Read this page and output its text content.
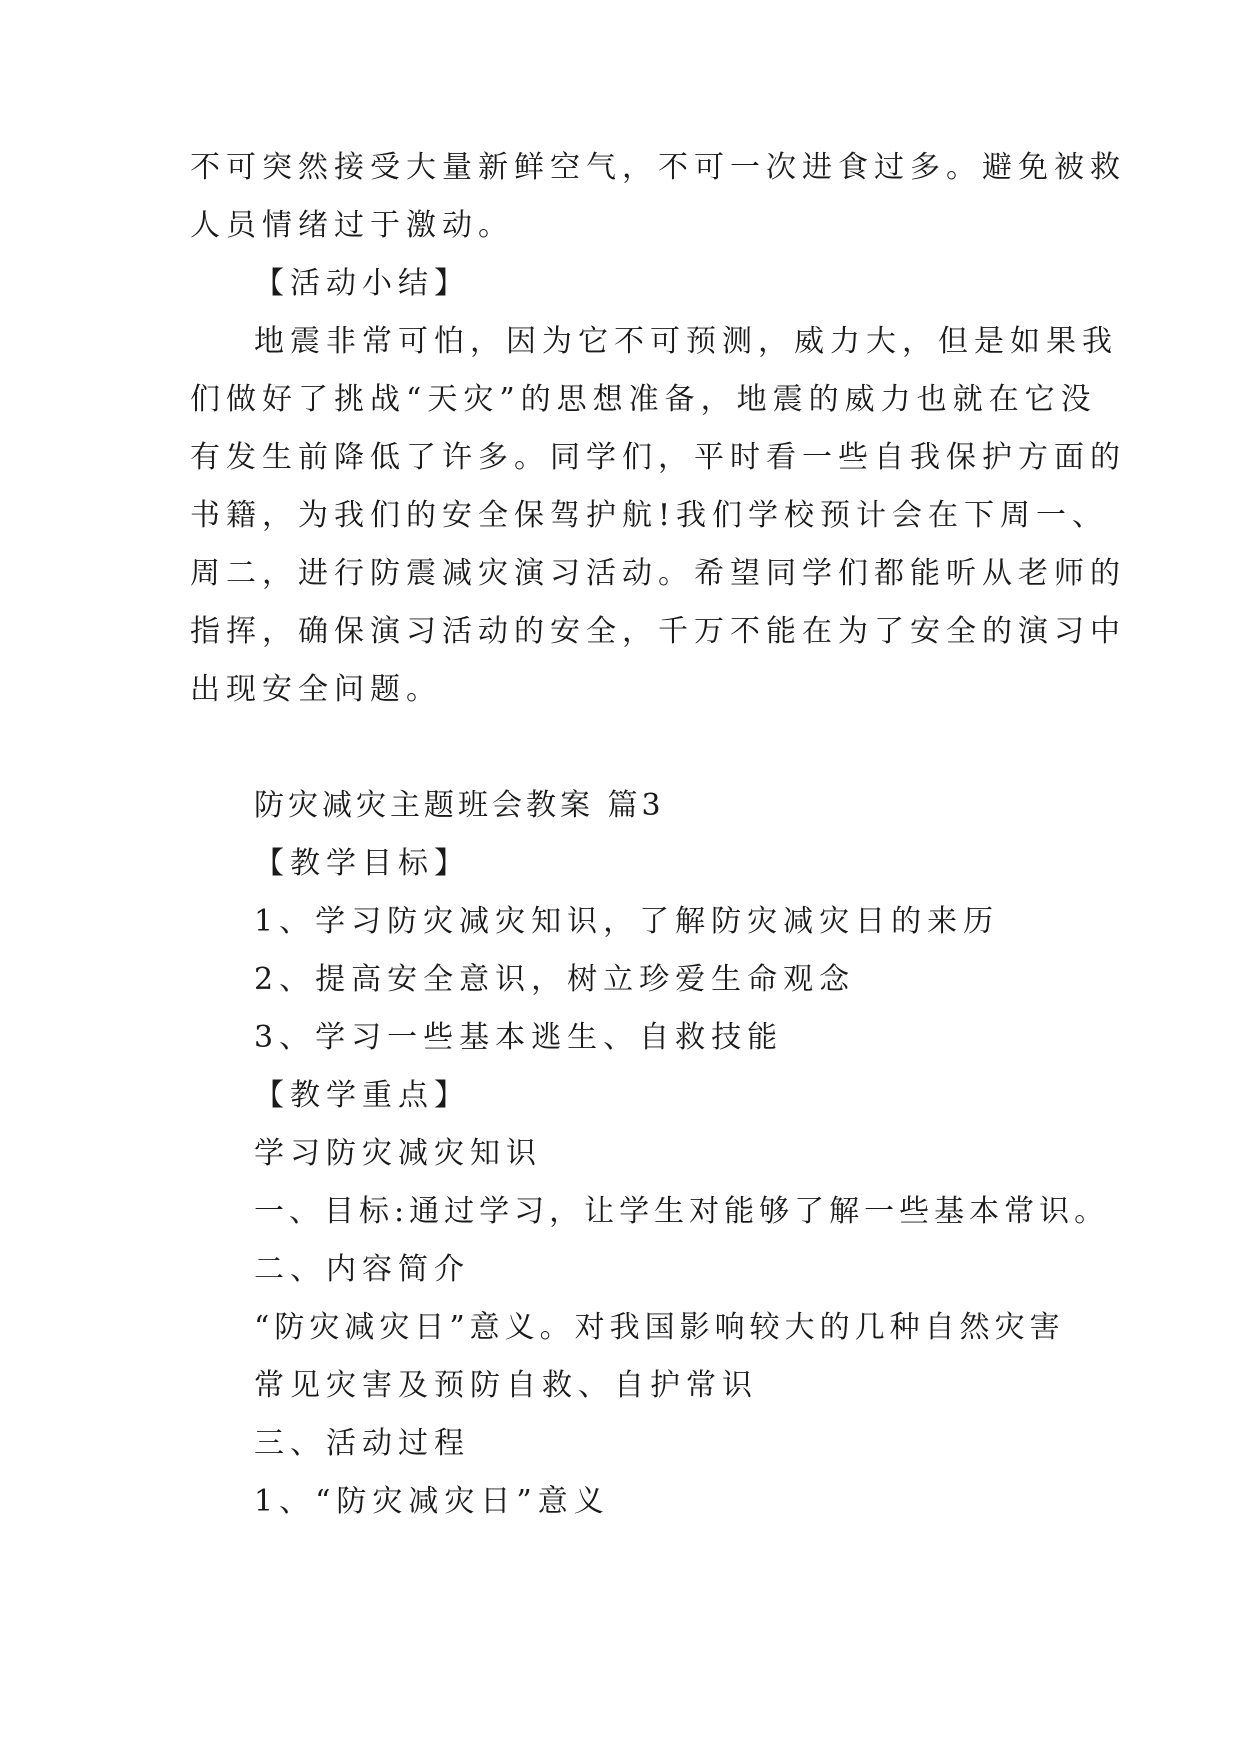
不可突然接受大量新鲜空气，不可一次进食过多。避免被救
人员情绪过于激动。
【活动小结】
地震非常可怕，因为它不可预测，威力大，但是如果我
们做好了挑战“天灾”的思想准备，地震的威力也就在它没
有发生前降低了许多。同学们，平时看一些自我保护方面的
书籍，为我们的安全保驾护航!我们学校预计会在下周一、
周二，进行防震减灾演习活动。希望同学们都能听从老师的
指挥，确保演习活动的安全，千万不能在为了安全的演习中
出现安全问题。
防灾减灾主题班会教案 篇3
【教学目标】
1、学习防灾减灾知识，了解防灾减灾日的来历
2、提高安全意识，树立珍爱生命观念
3、学习一些基本逃生、自救技能
【教学重点】
学习防灾减灾知识
一、目标:通过学习，让学生对能够了解一些基本常识。
二、内容简介
“防灾减灾日”意义。对我国影响较大的几种自然灾害
常见灾害及预防自救、自护常识
三、活动过程
1、“防灾减灾日”意义
